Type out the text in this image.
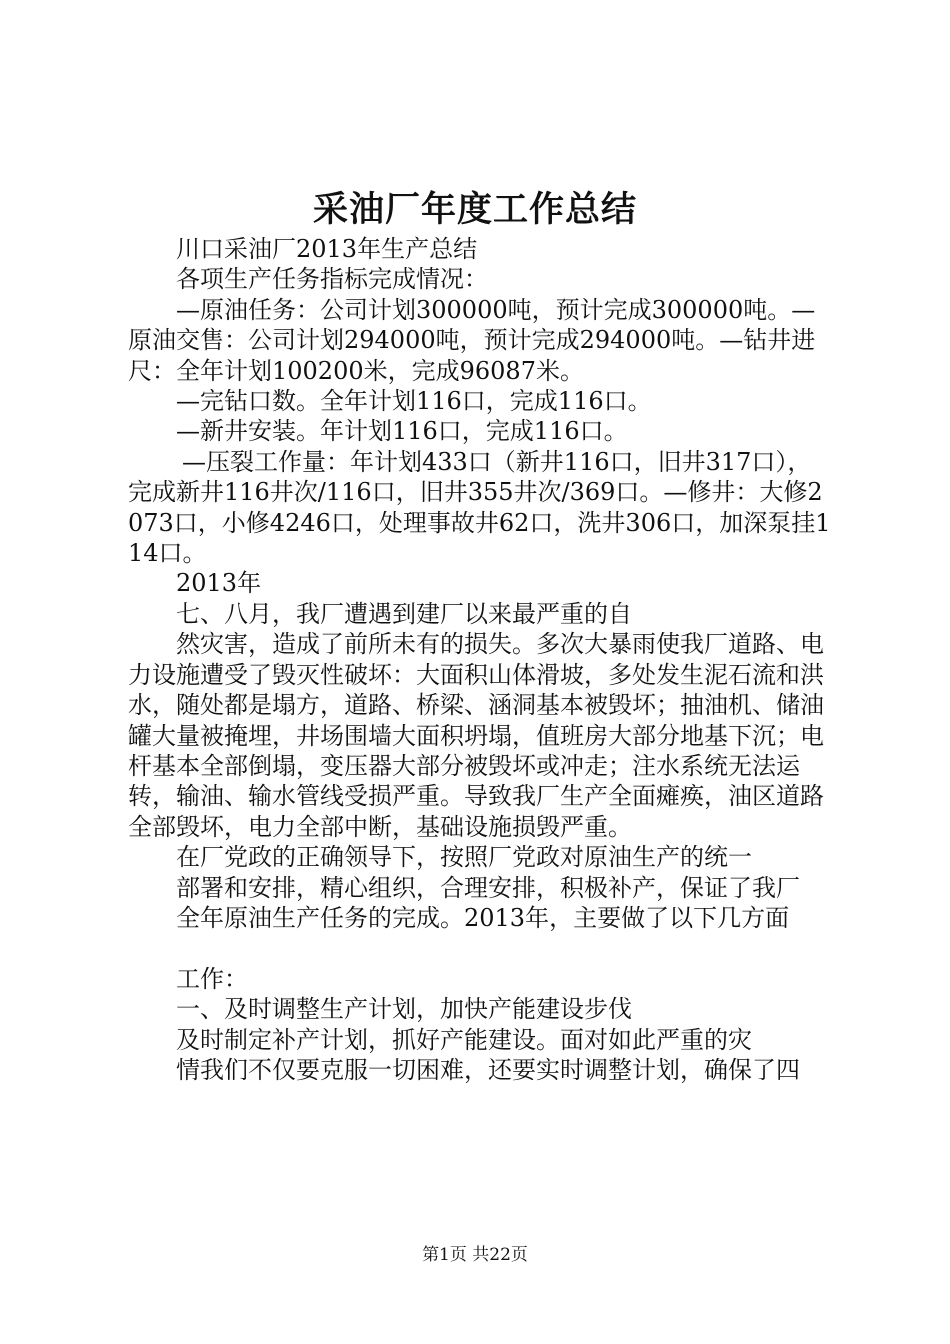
采油厂年度工作总结

川口采油厂2013年生产总结

各项生产任务指标完成情况：

—原油任务：公司计划300000吨，预计完成300000吨。—原油交售：公司计划294000吨，预计完成294000吨。—钻井进尺：全年计划100200米，完成96087米。

—完钻口数。全年计划116口，完成116口。

—新井安装。年计划116口，完成116口。

—压裂工作量：年计划433口（新井116口，旧井317口），完成新井116井次/116口，旧井355井次/369口。—修井：大修2073口，小修4246口，处理事故井62口，洗井306口，加深泵挂114口。

2013年

七、八月，我厂遭遇到建厂以来最严重的自

然灾害，造成了前所未有的损失。多次大暴雨使我厂道路、电力设施遭受了毁灭性破坏：大面积山体滑坡，多处发生泥石流和洪水，随处都是塌方，道路、桥梁、涵洞基本被毁坏；抽油机、储油罐大量被掩埋，井场围墙大面积坍塌，值班房大部分地基下沉；电杆基本全部倒塌，变压器大部分被毁坏或冲走；注水系统无法运转，输油、输水管线受损严重。导致我厂生产全面瘫痪，油区道路全部毁坏，电力全部中断，基础设施损毁严重。

在厂党政的正确领导下，按照厂党政对原油生产的统一

部署和安排，精心组织，合理安排，积极补产，保证了我厂

全年原油生产任务的完成。2013年，主要做了以下几方面

工作：

一、及时调整生产计划，加快产能建设步伐

及时制定补产计划，抓好产能建设。面对如此严重的灾

情我们不仅要克服一切困难，还要实时调整计划，确保了四

第1页 共22页
